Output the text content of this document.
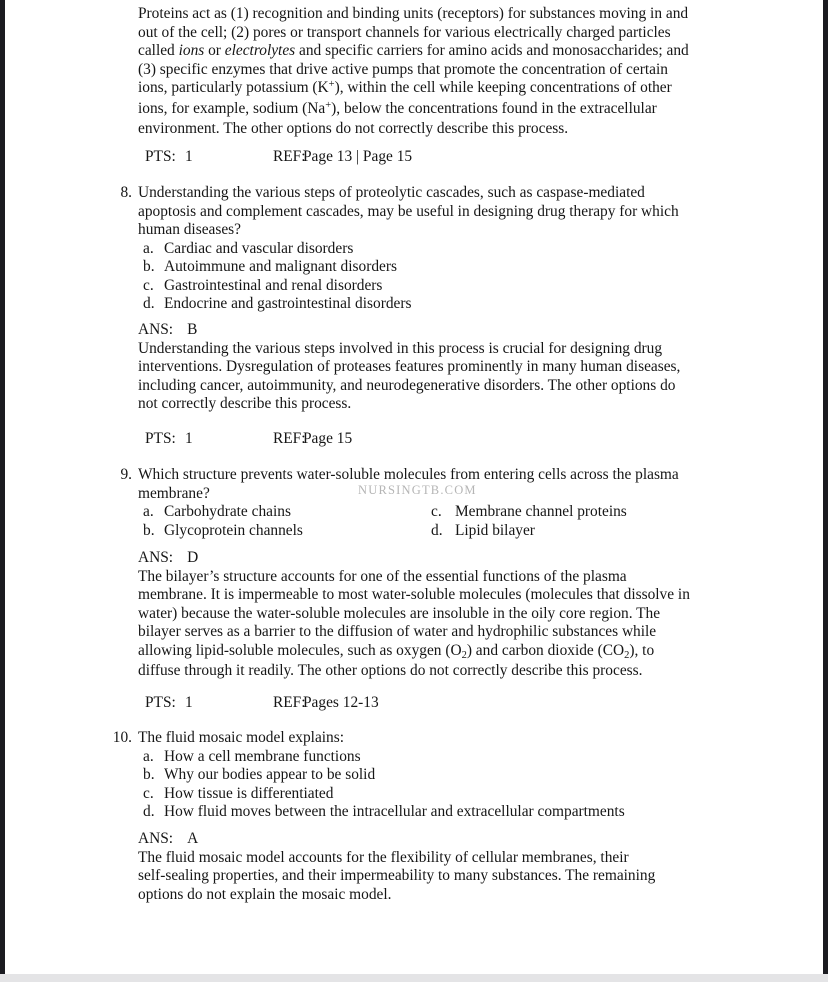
Proteins act as (1) recognition and binding units (receptors) for substances moving in and
out of the cell; (2) pores or transport channels for various electrically charged particles
called ions or electrolytes and specific carriers for amino acids and monosaccharides; and
(3) specific enzymes that drive active pumps that promote the concentration of certain
ions, particularly potassium (K+), within the cell while keeping concentrations of other
ions, for example, sodium (Na+), below the concentrations found in the extracellular
environment. The other options do not correctly describe this process.
PTS: 1	REF:
Page 13 | Page 15
8. Understanding the various steps of proteolytic cascades, such as caspase-mediated
apoptosis and complement cascades, may be useful in designing drug therapy for which
human diseases?
a. Cardiac and vascular disorders
b. Autoimmune and malignant disorders
c. Gastrointestinal and renal disorders
d. Endocrine and gastrointestinal disorders
ANS: B
Understanding the various steps involved in this process is crucial for designing drug
interventions. Dysregulation of proteases features prominently in many human diseases,
including cancer, autoimmunity, and neurodegenerative disorders. The other options do
not correctly describe this process.
PTS: 1	REF:
Page 15
9. Which structure prevents water-soluble molecules from entering cells across the plasma
membrane?
a. Carbohydrate chains	c. Membrane channel proteins
b. Glycoprotein channels	d. Lipid bilayer
NURSINGTB.COM
ANS: D
The bilayer’s structure accounts for one of the essential functions of the plasma
membrane. It is impermeable to most water-soluble molecules (molecules that dissolve in
water) because the water-soluble molecules are insoluble in the oily core region. The
bilayer serves as a barrier to the diffusion of water and hydrophilic substances while
allowing lipid-soluble molecules, such as oxygen (O2) and carbon dioxide (CO2), to
diffuse through it readily. The other options do not correctly describe this process.
PTS: 1	REF:
Pages 12-13
10. The fluid mosaic model explains:
a. How a cell membrane functions
b. Why our bodies appear to be solid
c. How tissue is differentiated
d. How fluid moves between the intracellular and extracellular compartments
ANS: A
The fluid mosaic model accounts for the flexibility of cellular membranes, their
self-sealing properties, and their impermeability to many substances. The remaining
options do not explain the mosaic model.
